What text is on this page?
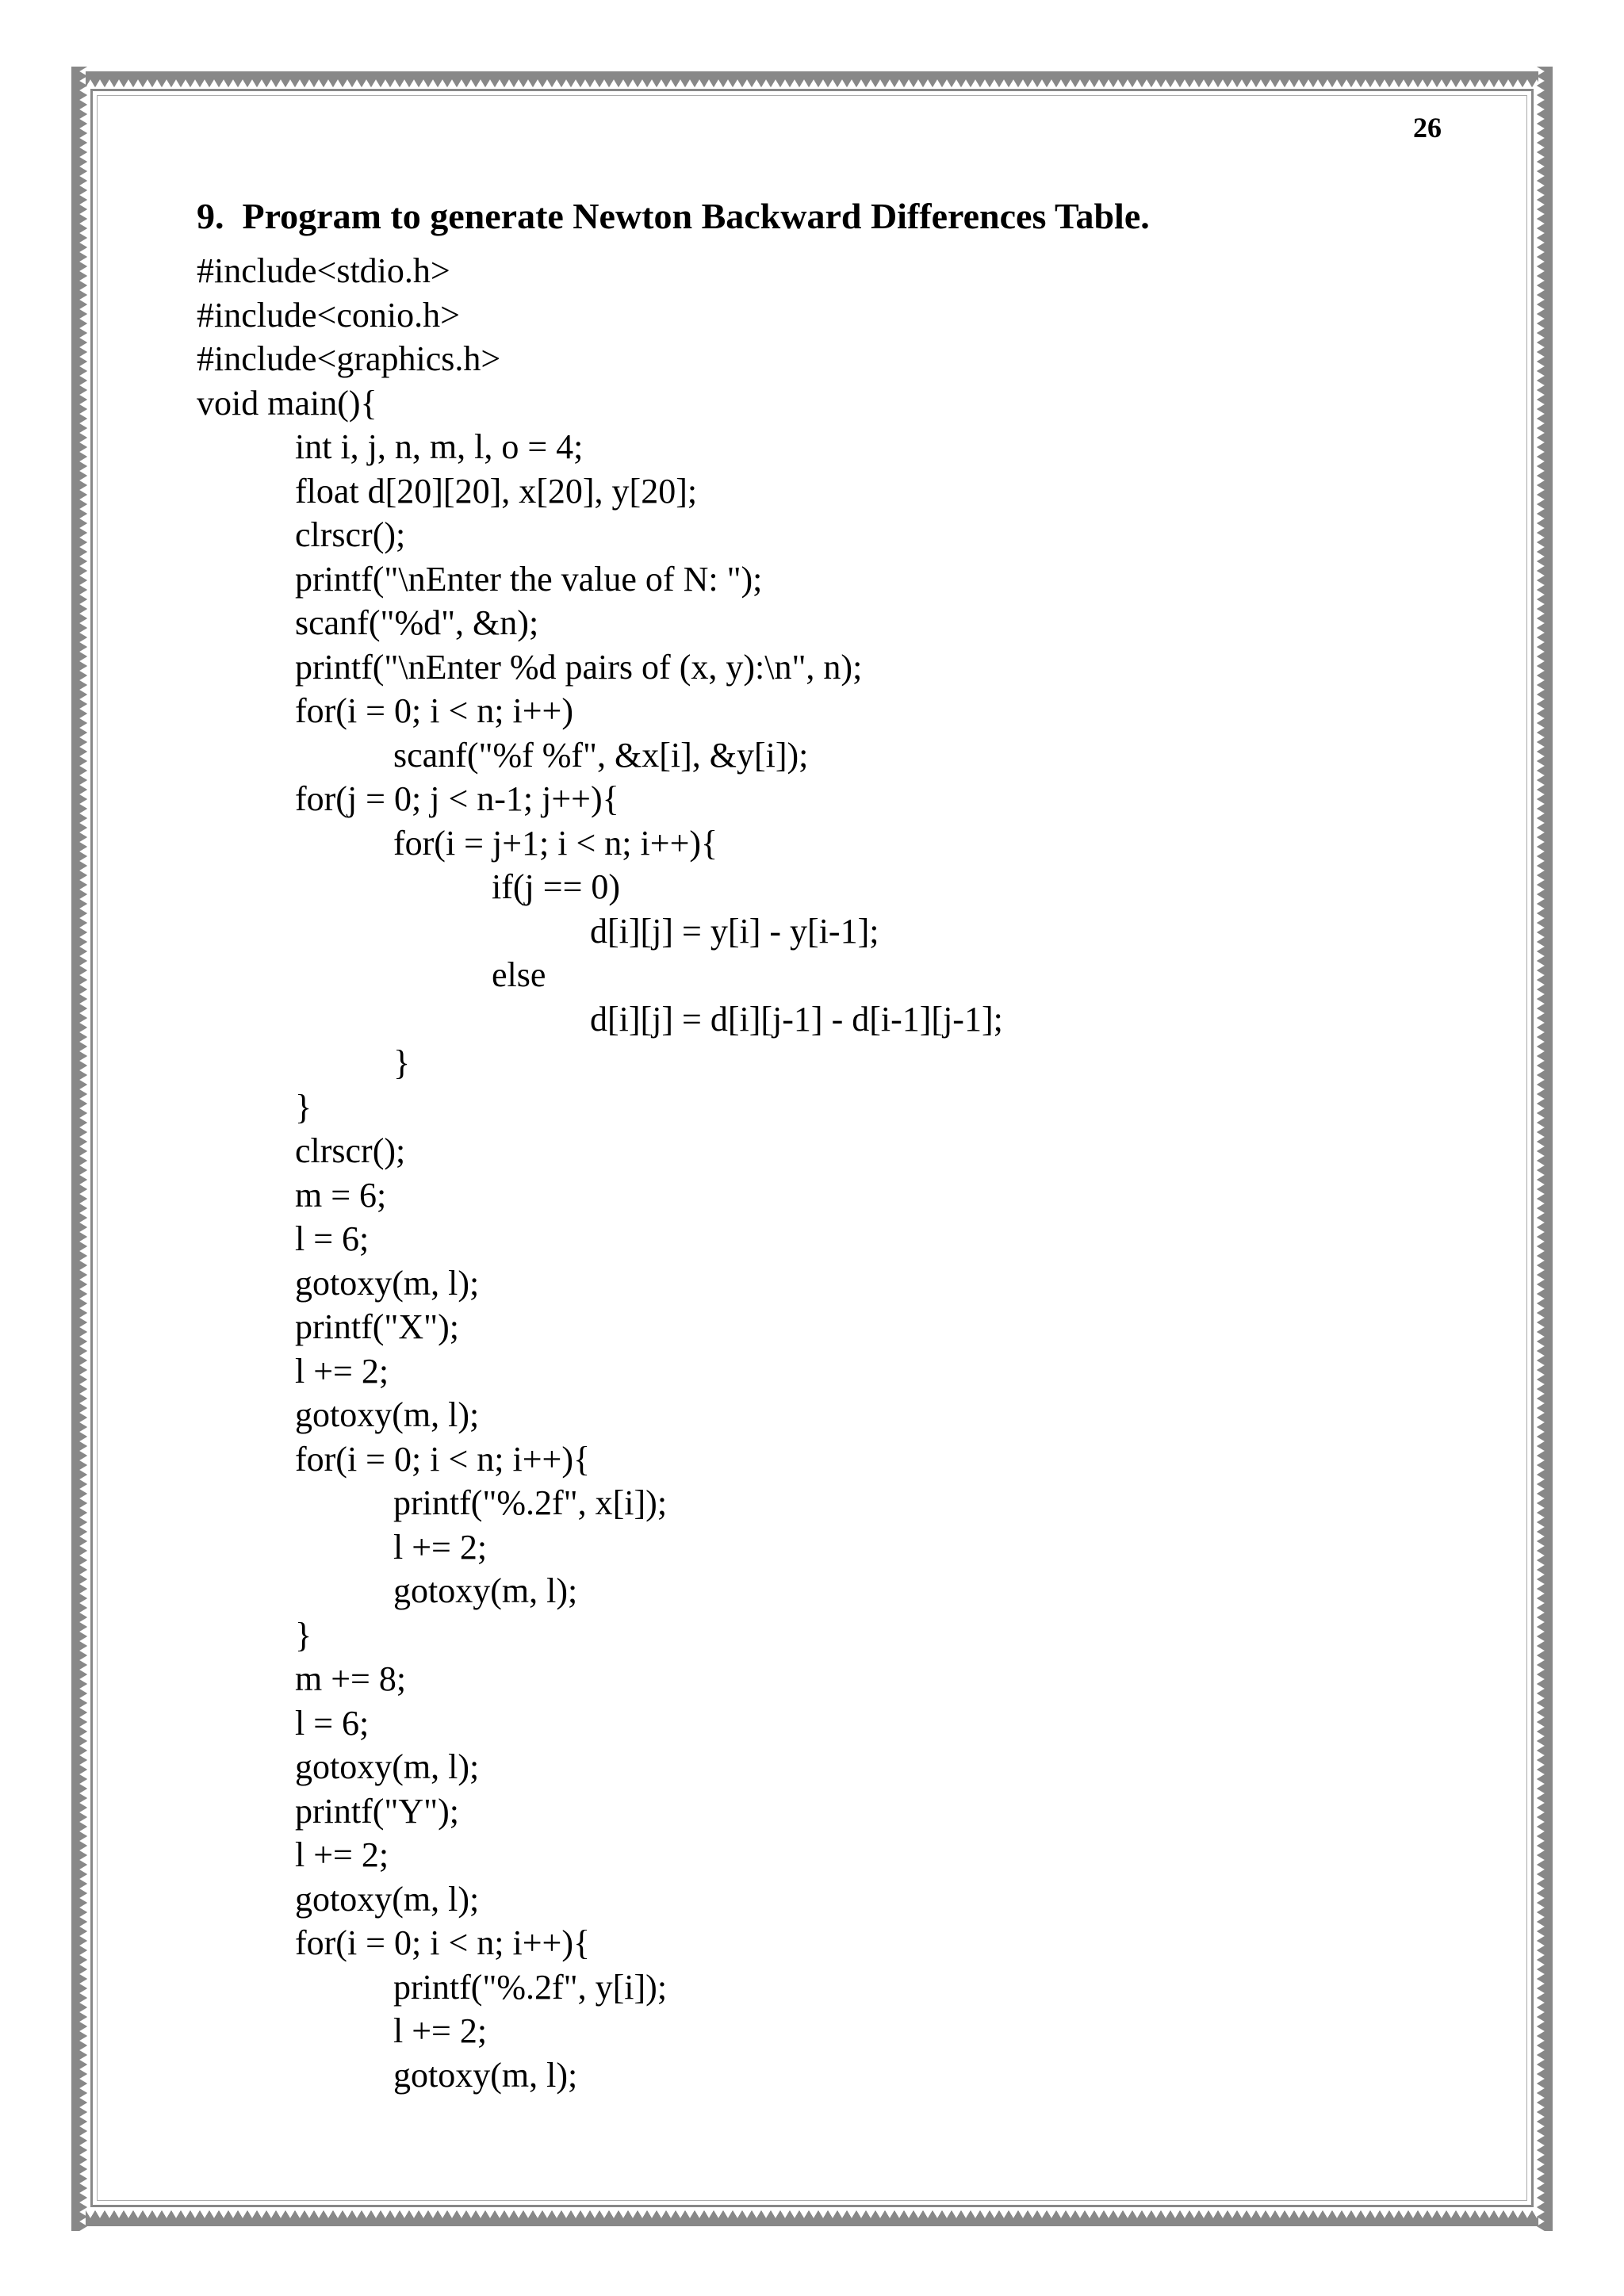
26
9.  Program to generate Newton Backward Differences Table.
#include<stdio.h>
#include<conio.h>
#include<graphics.h>
void main(){
int i, j, n, m, l, o = 4;
float d[20][20], x[20], y[20];
clrscr();
printf("\nEnter the value of N: ");
scanf("%d", &n);
printf("\nEnter %d pairs of (x, y):\n", n);
for(i = 0; i < n; i++)
scanf("%f %f", &x[i], &y[i]);
for(j = 0; j < n-1; j++){
for(i = j+1; i < n; i++){
if(j == 0)
d[i][j] = y[i] - y[i-1];
else
d[i][j] = d[i][j-1] - d[i-1][j-1];
}
}
clrscr();
m = 6;
l = 6;
gotoxy(m, l);
printf("X");
l += 2;
gotoxy(m, l);
for(i = 0; i < n; i++){
printf("%.2f", x[i]);
l += 2;
gotoxy(m, l);
}
m += 8;
l = 6;
gotoxy(m, l);
printf("Y");
l += 2;
gotoxy(m, l);
for(i = 0; i < n; i++){
printf("%.2f", y[i]);
l += 2;
gotoxy(m, l);
